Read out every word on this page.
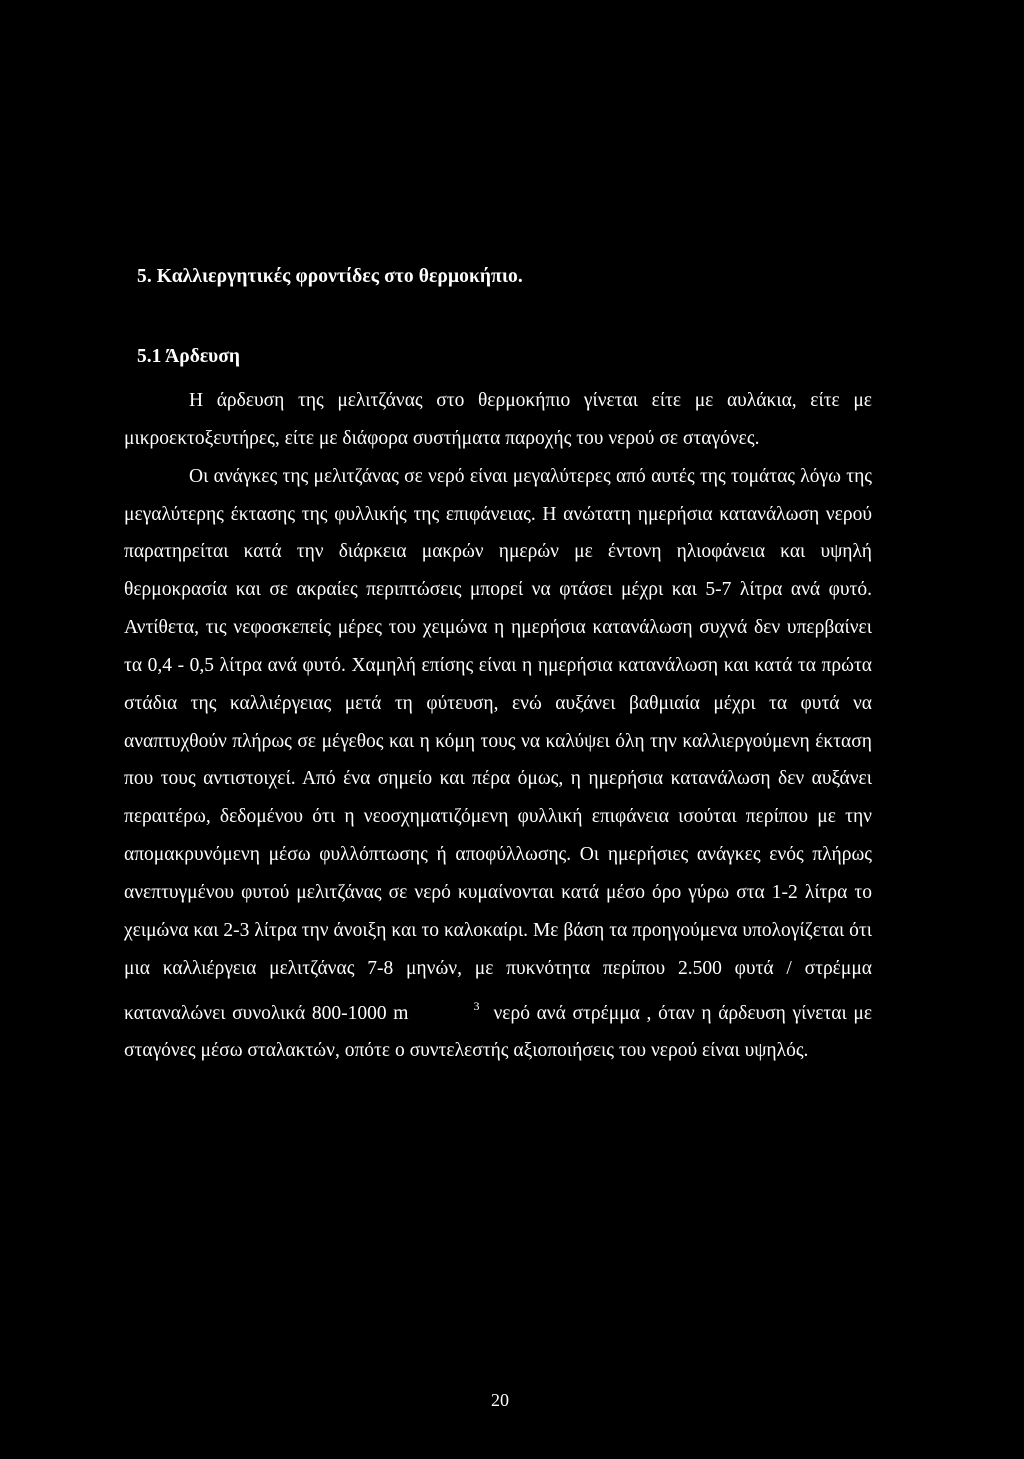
5. Καλλιεργητικές φροντίδες στο θερμοκήπιο.
5.1 Άρδευση

Η άρδευση της μελιτζάνας στο θερμοκήπιο γίνεται είτε με αυλάκια, είτε με μικροεκτοξευτήρες, είτε με διάφορα συστήματα παροχής του νερού σε σταγόνες.

Οι ανάγκες της μελιτζάνας σε νερό είναι μεγαλύτερες από αυτές της τομάτας λόγω της μεγαλύτερης έκτασης της φυλλικής της επιφάνειας. Η ανώτατη ημερήσια κατανάλωση νερού παρατηρείται κατά την διάρκεια μακρών ημερών με έντονη ηλιοφάνεια και υψηλή θερμοκρασία και σε ακραίες περιπτώσεις μπορεί να φτάσει μέχρι και 5-7 λίτρα ανά φυτό. Αντίθετα, τις νεφοσκεπείς μέρες του χειμώνα η ημερήσια κατανάλωση συχνά δεν υπερβαίνει τα 0,4 - 0,5 λίτρα ανά φυτό. Χαμηλή επίσης είναι η ημερήσια κατανάλωση και κατά τα πρώτα στάδια της καλλιέργειας μετά τη φύτευση, ενώ αυξάνει βαθμιαία μέχρι τα φυτά να αναπτυχθούν πλήρως σε μέγεθος και η κόμη τους να καλύψει όλη την καλλιεργούμενη έκταση που τους αντιστοιχεί. Από ένα σημείο και πέρα όμως, η ημερήσια κατανάλωση δεν αυξάνει περαιτέρω, δεδομένου ότι η νεοσχηματιζόμενη φυλλική επιφάνεια ισούται περίπου με την απομακρυνόμενη μέσω φυλλόπτωσης ή αποφύλλωσης. Οι ημερήσιες ανάγκες ενός πλήρως ανεπτυγμένου φυτού μελιτζάνας σε νερό κυμαίνονται κατά μέσο όρο γύρω στα 1-2 λίτρα το χειμώνα και 2-3 λίτρα την άνοιξη και το καλοκαίρι. Με βάση τα προηγούμενα υπολογίζεται ότι μια καλλιέργεια μελιτζάνας 7-8 μηνών, με πυκνότητα περίπου 2.500 φυτά / στρέμμα καταναλώνει συνολικά 800-1000 m	3 νερό ανά στρέμμα , όταν η άρδευση γίνεται με σταγόνες μέσω σταλακτών, οπότε ο συντελεστής αξιοποιήσεις του νερού είναι υψηλός.

20
